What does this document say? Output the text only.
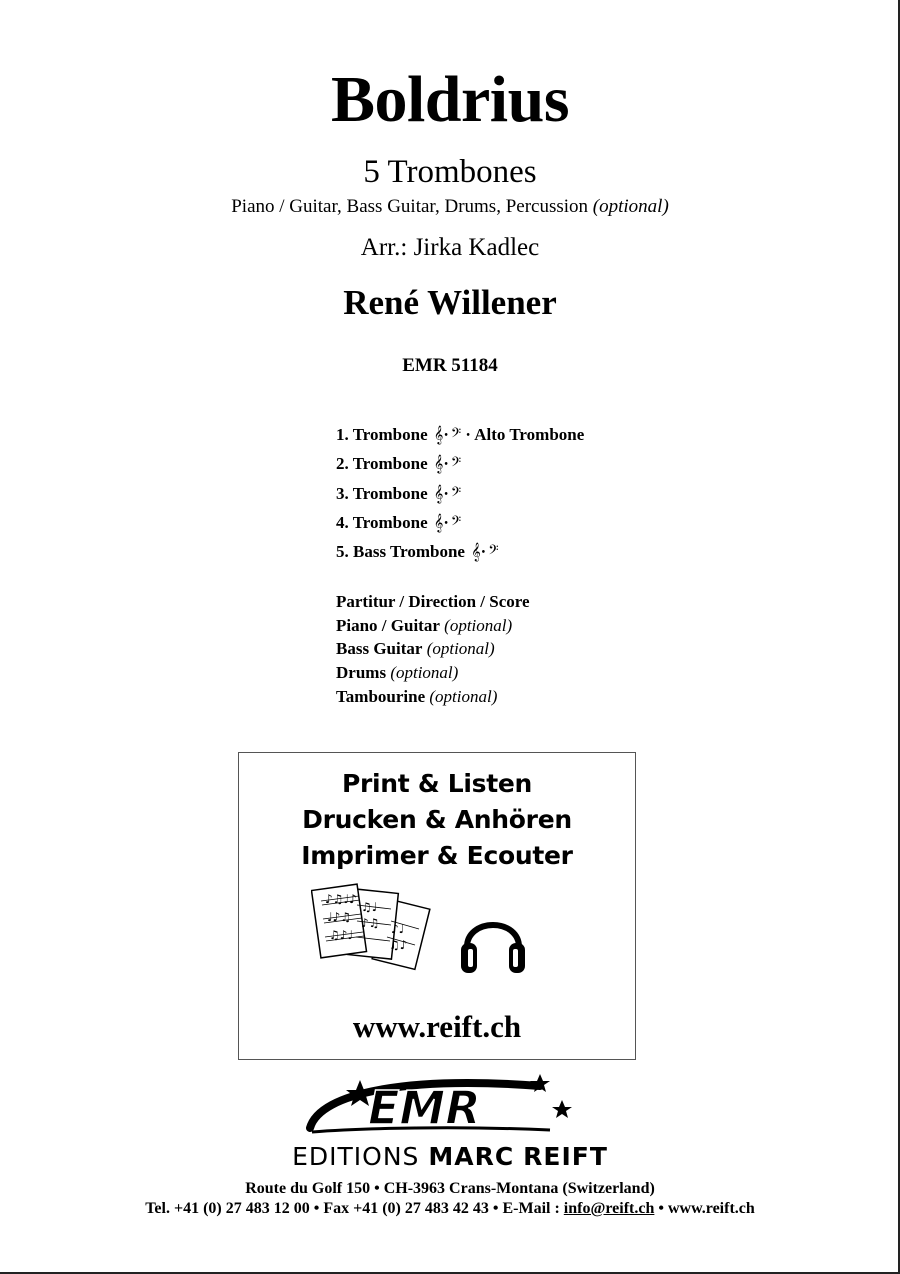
Boldrius
5 Trombones
Piano / Guitar, Bass Guitar, Drums, Percussion (optional)
Arr.: Jirka Kadlec
René Willener
EMR 51184
1. Trombone 𝄞• 𝄢 • Alto Trombone
2. Trombone 𝄞• 𝄢
3. Trombone 𝄞• 𝄢
4. Trombone 𝄞• 𝄢
5. Bass Trombone 𝄞• 𝄢
Partitur / Direction / Score
Piano / Guitar (optional)
Bass Guitar (optional)
Drums (optional)
Tambourine (optional)
Print & Listen
Drucken & Anhören
Imprimer & Ecouter
♪♫♩♪
♩♪♫
♫♪♩
♫♩
♪♫ ♪♩
♫♪
www.reift.ch
EMR
EDITIONS MARC REIFT
Route du Golf 150 • CH-3963 Crans-Montana (Switzerland)
Tel. +41 (0) 27 483 12 00 • Fax +41 (0) 27 483 42 43 • E-Mail : info@reift.ch • www.reift.ch
